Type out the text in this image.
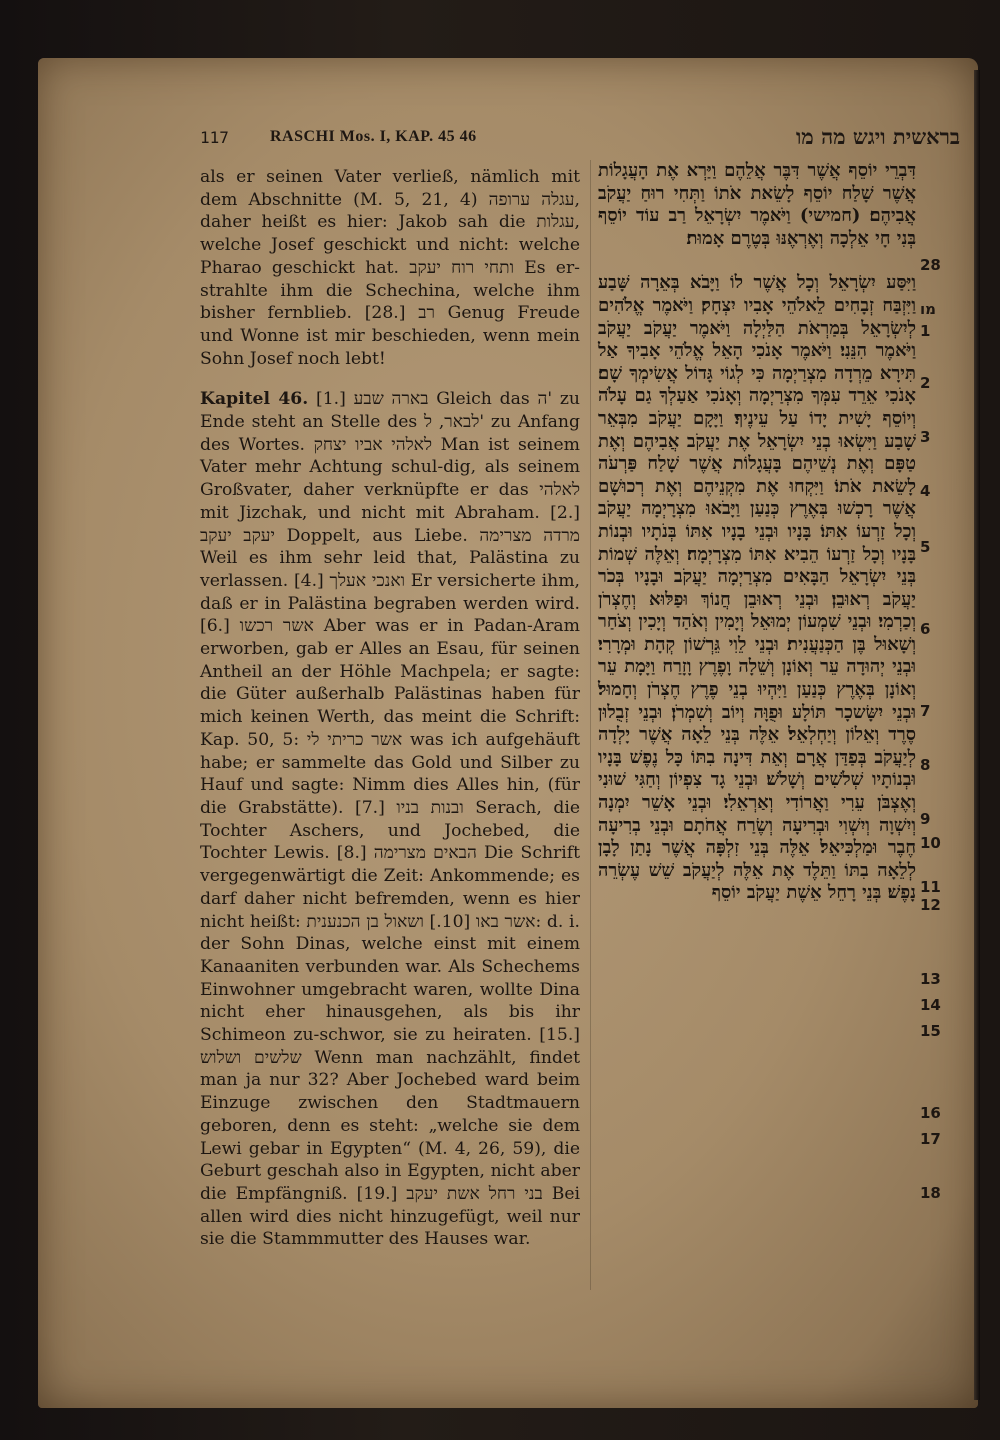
117	RASCHI Mos. I, KAP. 45 46	בראשית ויגש מה מו

als er seinen Vater verließ, nämlich mit dem Abschnitte (M. 5, 21, 4) עגלה ערופה, daher heißt es hier: Jakob sah die עגלות, welche Josef geschickt und nicht: welche Pharao geschickt hat. ותחי רוח יעקב Es er-strahlte ihm die Schechina, welche ihm bisher fernblieb. [28.] רב Genug Freude und Wonne ist mir beschieden, wenn mein Sohn Josef noch lebt!

Kapitel 46. [1.] בארה שבע Gleich das ה' zu Ende steht an Stelle des לבאר, ל' zu Anfang des Wortes. לאלהי אביו יצחק Man ist seinem Vater mehr Achtung schul-dig, als seinem Großvater, daher verknüpfte er das לאלהי mit Jizchak, und nicht mit Abraham. [2.] יעקב יעקב Doppelt, aus Liebe. מרדה מצרימה Weil es ihm sehr leid that, Palästina zu verlassen. [4.] ואנכי אעלך Er versicherte ihm, daß er in Palästina begraben werden wird. [6.] אשר רכשו Aber was er in Padan-Aram erworben, gab er Alles an Esau, für seinen Antheil an der Höhle Machpela; er sagte: die Güter außerhalb Palästinas haben für mich keinen Werth, das meint die Schrift: Kap. 50, 5: אשר כריתי לי was ich aufgehäuft habe; er sammelte das Gold und Silber zu Hauf und sagte: Nimm dies Alles hin, (für die Grabstätte). [7.] ובנות בניו Serach, die Tochter Aschers, und Jochebed, die Tochter Lewis. [8.] הבאים מצרימה Die Schrift vergegenwärtigt die Zeit: Ankommende; es darf daher nicht befremden, wenn es hier nicht heißt: אשר באו [10.] ושאול בן הכנענית: d. i. der Sohn Dinas, welche einst mit einem Kanaaniten verbunden war. Als Schechems Einwohner umgebracht waren, wollte Dina nicht eher hinausgehen, als bis ihr Schimeon zu-schwor, sie zu heiraten. [15.] שלשים ושלוש Wenn man nachzählt, findet man ja nur 32? Aber Jochebed ward beim Einzuge zwischen den Stadtmauern geboren, denn es steht: „welche sie dem Lewi gebar in Egypten“ (M. 4, 26, 59), die Geburt geschah also in Egypten, nicht aber die Empfängniß. [19.] בני רחל אשת יעקב Bei allen wird dies nicht hinzugefügt, weil nur sie die Stammmutter des Hauses war.

דִּבְרֵי יוֹסֵף אֲשֶׁר דִּבֶּר אֲלֵהֶם וַיַּרְא אֶת הָעֲגָלוֹת אֲשֶׁר שָׁלַח יוֹסֵף לָשֵׂאת אֹתוֹ וַתְּחִי רוּחַ יַעֲקֹב אֲבִיהֶם׃ (חמישי) וַיֹּאמֶר יִשְׂרָאֵל רַב עוֹד יוֹסֵף בְּנִי חָי אֵלְכָה וְאֶרְאֶנּוּ בְּטֶרֶם אָמוּת׃

וַיִּסַּע יִשְׂרָאֵל וְכָל אֲשֶׁר לוֹ וַיָּבֹא בְּאֵרָה שָּׁבַע וַיִּזְבַּח זְבָחִים לֵאלֹהֵי אָבִיו יִצְחָק׃ וַיֹּאמֶר אֱלֹהִים לְיִשְׂרָאֵל בְּמַרְאֹת הַלַּיְלָה וַיֹּאמֶר יַעֲקֹב יַעֲקֹב וַיֹּאמֶר הִנֵּנִי׃ וַיֹּאמֶר אָנֹכִי הָאֵל אֱלֹהֵי אָבִיךָ אַל תִּירָא מֵרְדָה מִצְרַיְמָה כִּי לְגוֹי גָּדוֹל אֲשִׂימְךָ שָׁם׃ אָנֹכִי אֵרֵד עִמְּךָ מִצְרַיְמָה וְאָנֹכִי אַעַלְךָ גַם עָלֹה וְיוֹסֵף יָשִׁית יָדוֹ עַל עֵינֶיךָ׃ וַיָּקָם יַעֲקֹב מִבְּאֵר שָׁבַע וַיִּשְׂאוּ בְנֵי יִשְׂרָאֵל אֶת יַעֲקֹב אֲבִיהֶם וְאֶת טַפָּם וְאֶת נְשֵׁיהֶם בָּעֲגָלוֹת אֲשֶׁר שָׁלַח פַּרְעֹה לָשֵׂאת אֹתוֹ׃ וַיִּקְחוּ אֶת מִקְנֵיהֶם וְאֶת רְכוּשָׁם אֲשֶׁר רָכְשׁוּ בְּאֶרֶץ כְּנַעַן וַיָּבֹאוּ מִצְרָיְמָה יַעֲקֹב וְכָל זַרְעוֹ אִתּוֹ׃ בָּנָיו וּבְנֵי בָנָיו אִתּוֹ בְּנֹתָיו וּבְנוֹת בָּנָיו וְכָל זַרְעוֹ הֵבִיא אִתּוֹ מִצְרָיְמָה׃ וְאֵלֶּה שְׁמוֹת בְּנֵי יִשְׂרָאֵל הַבָּאִים מִצְרַיְמָה יַעֲקֹב וּבָנָיו בְּכֹר יַעֲקֹב רְאוּבֵן׃ וּבְנֵי רְאוּבֵן חֲנוֹךְ וּפַלּוּא וְחֶצְרֹן וְכַרְמִי׃ וּבְנֵי שִׁמְעוֹן יְמוּאֵל וְיָמִין וְאֹהַד וְיָכִין וְצֹחַר וְשָׁאוּל בֶּן הַכְּנַעֲנִית׃ וּבְנֵי לֵוִי גֵּרְשׁוֹן קְהָת וּמְרָרִי׃ וּבְנֵי יְהוּדָה עֵר וְאוֹנָן וְשֵׁלָה וָפֶרֶץ וָזָרַח וַיָּמָת עֵר וְאוֹנָן בְּאֶרֶץ כְּנַעַן וַיִּהְיוּ בְנֵי פֶרֶץ חֶצְרֹן וְחָמוּל׃ וּבְנֵי יִשָּׂשכָר תּוֹלָע וּפֻוָּה וְיוֹב וְשִׁמְרֹן׃ וּבְנֵי זְבֻלוּן סֶרֶד וְאֵלוֹן וְיַחְלְאֵל׃ אֵלֶּה בְּנֵי לֵאָה אֲשֶׁר יָלְדָה לְיַעֲקֹב בְּפַדַּן אֲרָם וְאֵת דִּינָה בִתּוֹ כָּל נֶפֶשׁ בָּנָיו וּבְנוֹתָיו שְׁלֹשִׁים וְשָׁלֹשׁ׃ וּבְנֵי גָד צִפְיוֹן וְחַגִּי שׁוּנִי וְאֶצְבֹּן עֵרִי וַאֲרוֹדִי וְאַרְאֵלִי׃ וּבְנֵי אָשֵׁר יִמְנָה וְיִשְׁוָה וְיִשְׁוִי וּבְרִיעָה וְשֶׂרַח אֲחֹתָם וּבְנֵי בְרִיעָה חֶבֶר וּמַלְכִּיאֵל׃ אֵלֶּה בְּנֵי זִלְפָּה אֲשֶׁר נָתַן לָבָן לְלֵאָה בִתּוֹ וַתֵּלֶד אֶת אֵלֶּה לְיַעֲקֹב שֵׁשׁ עֶשְׂרֵה נָפֶשׁ׃ בְּנֵי רָחֵל אֵשֶׁת יַעֲקֹב יוֹסֵף

28
מו
1
2
3
4
5
6
7
8
9
10
11
12
13
14
15
16
17
18
